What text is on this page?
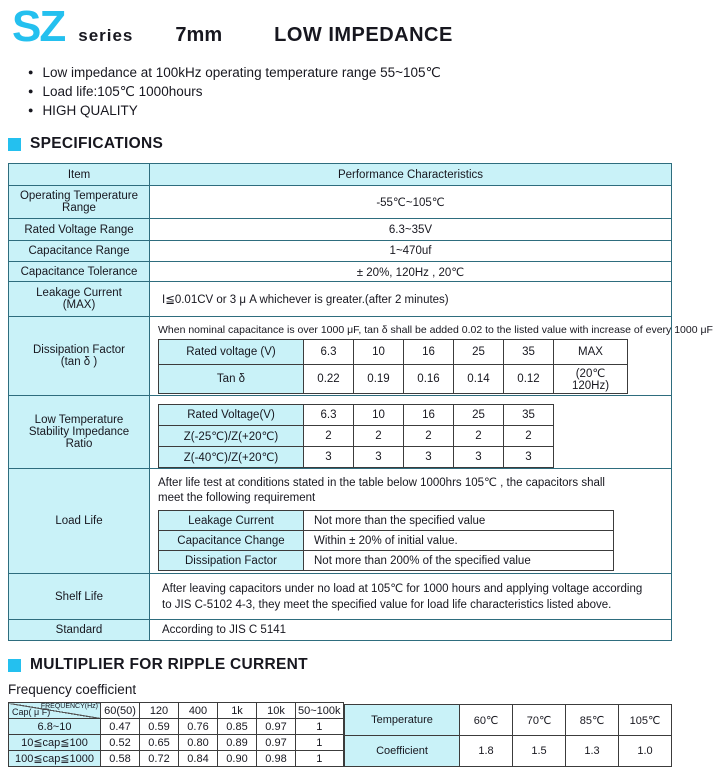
SZ series 7mm	LOW IMPEDANCE
● Low impedance at 100kHz operating temperature range 55~105℃
● Load life:105℃ 1000hours
● HIGH QUALITY
SPECIFICATIONS
Item	Performance Characteristics
Operating Temperature Range	-55℃~105℃
Rated Voltage Range	6.3~35V
Capacitance Range	1~470uf
Capacitance Tolerance	± 20%, 120Hz , 20℃

Leakage Current
(MAX)	I≦0.01CV or 3 μ A whichever is greater.(after 2 minutes)

Dissipation Factor
(tan δ )

When nominal capacitance is over 1000 μF, tan δ shall be added 0.02 to the listed value with increase of every 1000 μF
Rated voltage (V)	6.3	10	16	25	35	MAX
Tan δ	0.22	0.19	0.16	0.14	0.12	(20℃ 120Hz)

Low Temperature Stability Impedance Ratio	
Rated Voltage(V)	6.3	10	16	25	35
Z(-25℃)/Z(+20℃)	2	2	2	2	2
Z(-40℃)/Z(+20℃)	3	3	3	3	3

Load Life	
After life test at conditions stated in the table below 1000hrs 105℃ , the capacitors shall
meet the following requirement
Leakage Current	Not more than the specified value
Capacitance Change	Within ± 20% of initial value.
Dissipation Factor	Not more than 200% of the specified value

Shelf Life	
After leaving capacitors under no load at 105℃ for 1000 hours and applying voltage according to JIS C-5102 4-3, they meet the specified value for load life characteristics listed above.

Standard	According to JIS C 5141
MULTIPLIER FOR RIPPLE CURRENT
Frequency coefficient
FREQUENCY(Hz)
Cap( μ F)	60(50)	120	400	1k	10k	50~100k
6.8~10	0.47	0.59	0.76	0.85	0.97	1
10≦cap≦100	0.52	0.65	0.80	0.89	0.97	1
100≦cap≦1000	0.58	0.72	0.84	0.90	0.98	1
Temperature	60℃	70℃	85℃	105℃
Coefficient	1.8	1.5	1.3	1.0
